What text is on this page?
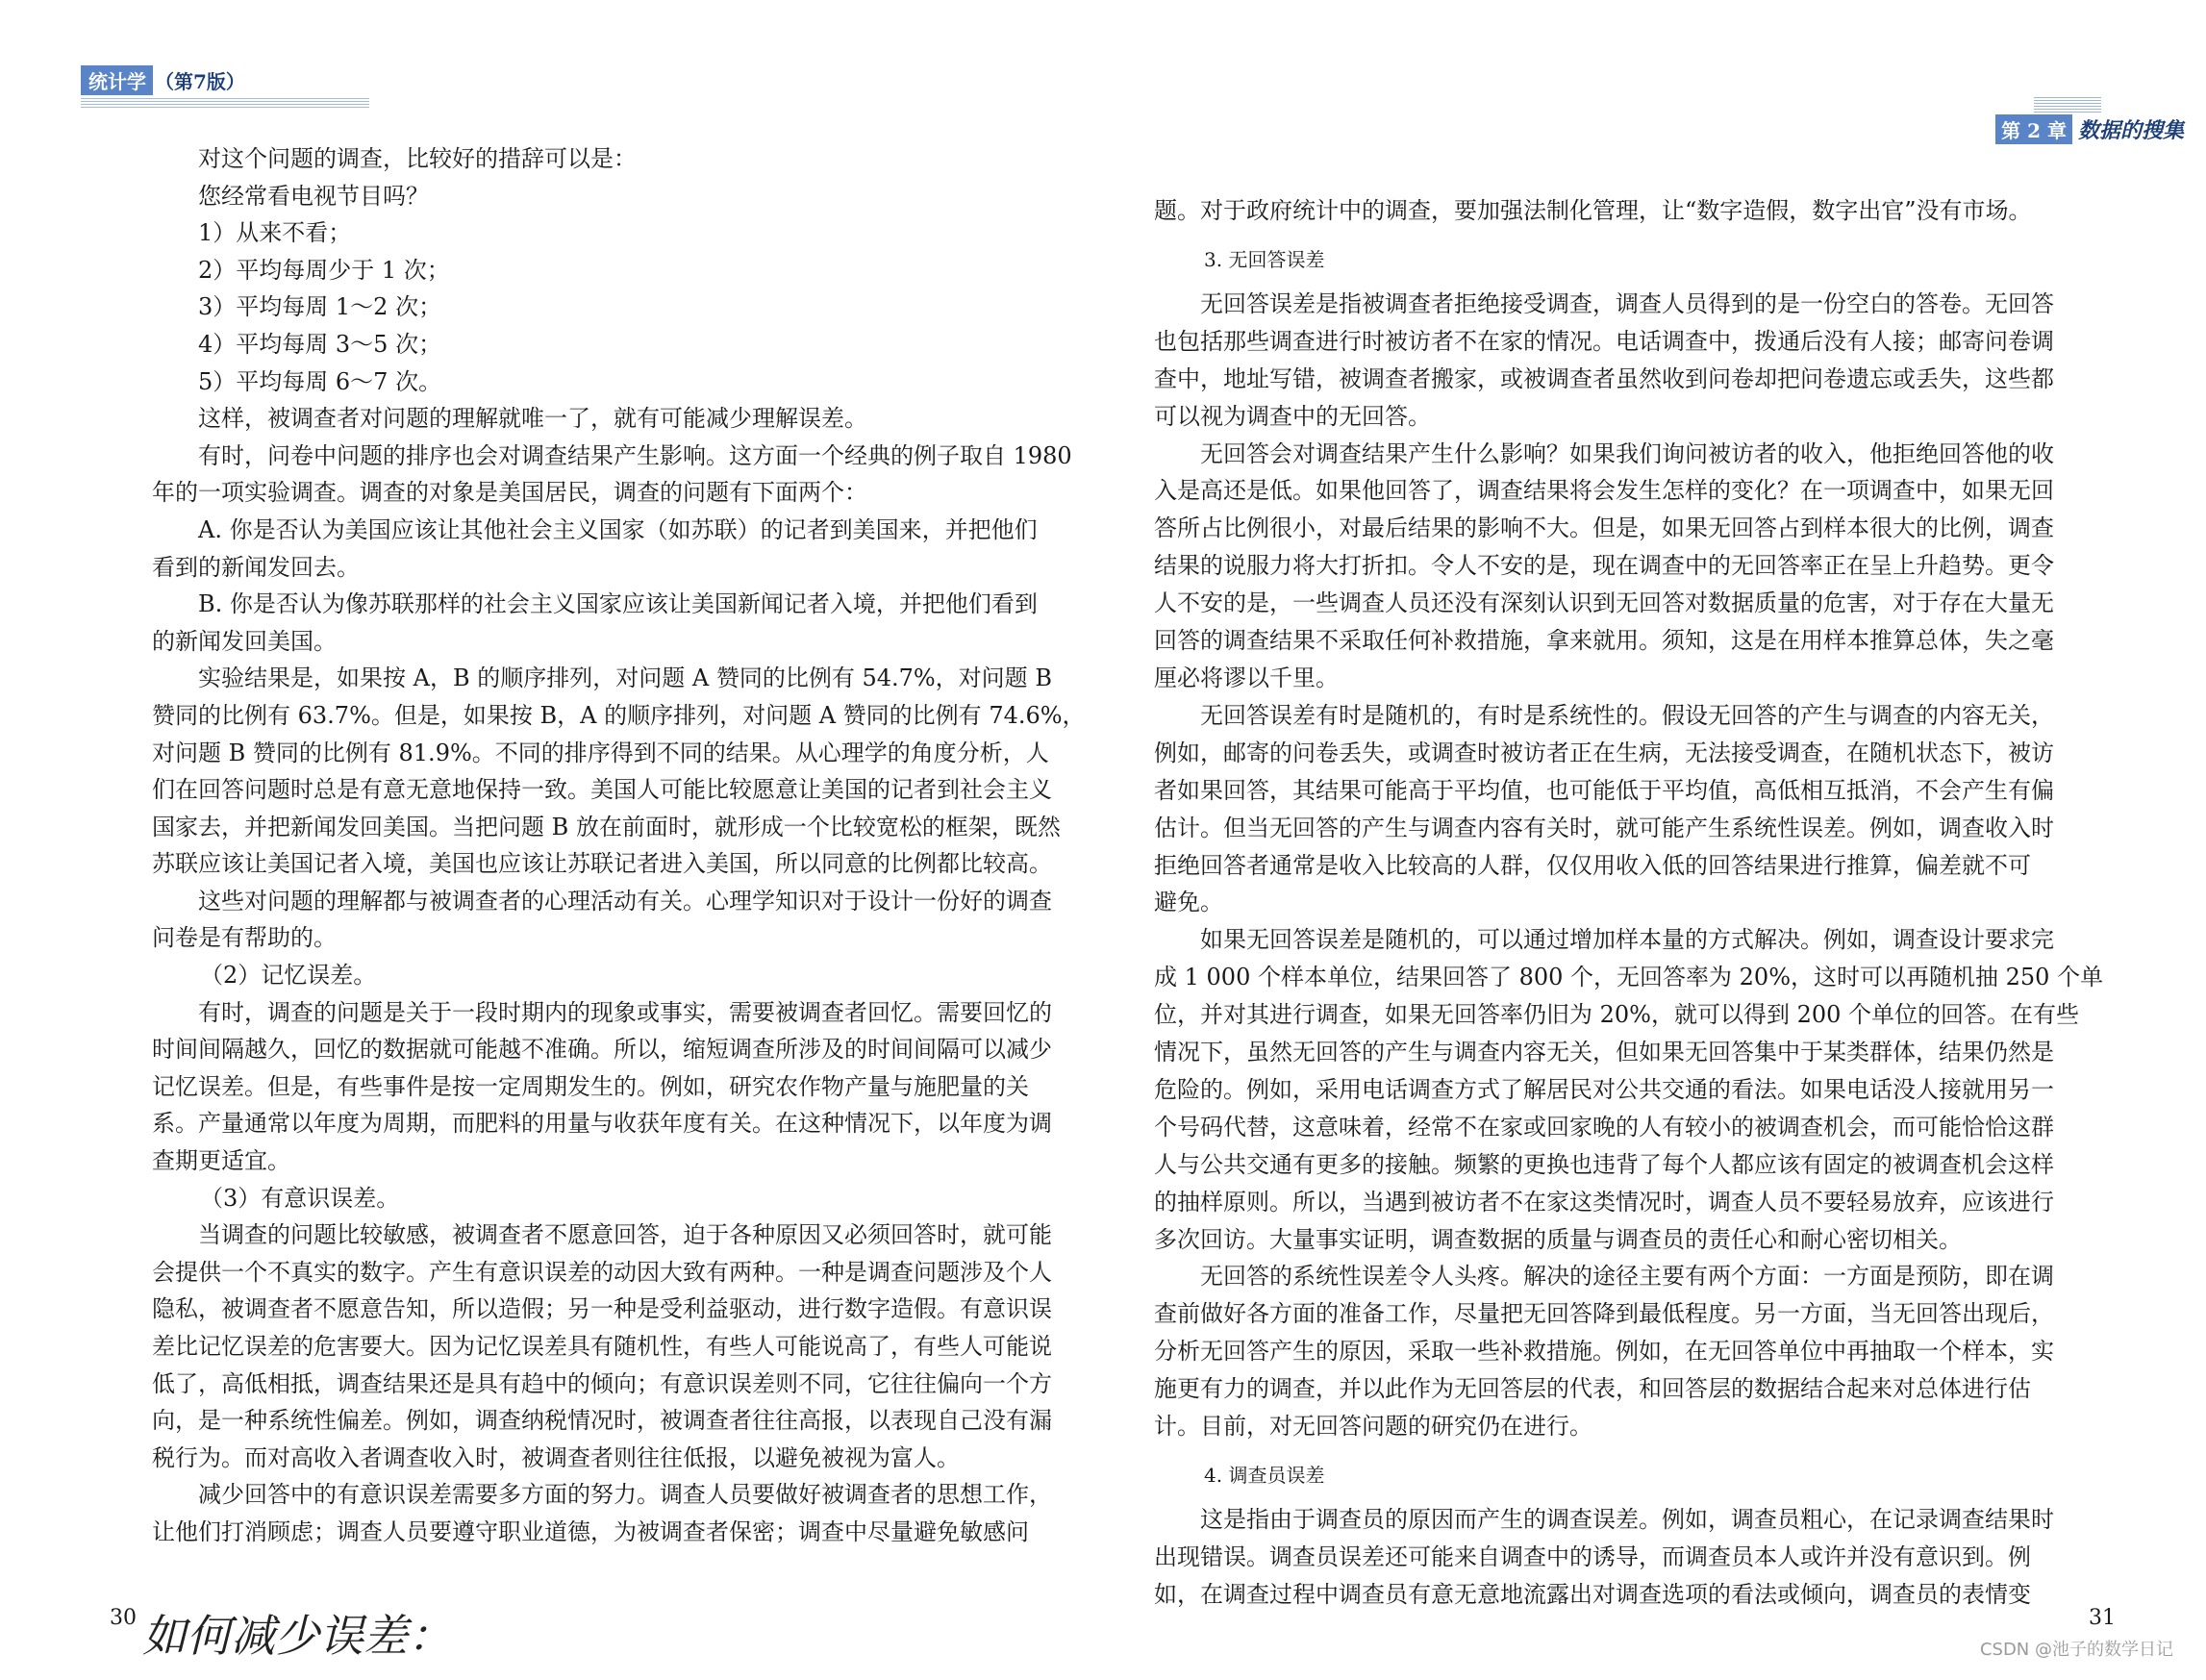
统计学 （第7版）

对这个问题的调查，比较好的措辞可以是：

您经常看电视节目吗？

1）从来不看；

2）平均每周少于 1 次；

3）平均每周 1～2 次；

4）平均每周 3～5 次；

5）平均每周 6～7 次。

这样，被调查者对问题的理解就唯一了，就有可能减少理解误差。

有时，问卷中问题的排序也会对调查结果产生影响。这方面一个经典的例子取自 1980

年的一项实验调查。调查的对象是美国居民，调查的问题有下面两个：

A. 你是否认为美国应该让其他社会主义国家（如苏联）的记者到美国来，并把他们

看到的新闻发回去。

B. 你是否认为像苏联那样的社会主义国家应该让美国新闻记者入境，并把他们看到

的新闻发回美国。

实验结果是，如果按 A，B 的顺序排列，对问题 A 赞同的比例有 54.7%，对问题 B

赞同的比例有 63.7%。但是，如果按 B，A 的顺序排列，对问题 A 赞同的比例有 74.6%，

对问题 B 赞同的比例有 81.9%。不同的排序得到不同的结果。从心理学的角度分析，人

们在回答问题时总是有意无意地保持一致。美国人可能比较愿意让美国的记者到社会主义

国家去，并把新闻发回美国。当把问题 B 放在前面时，就形成一个比较宽松的框架，既然

苏联应该让美国记者入境，美国也应该让苏联记者进入美国，所以同意的比例都比较高。

这些对问题的理解都与被调查者的心理活动有关。心理学知识对于设计一份好的调查

问卷是有帮助的。

（2）记忆误差。

有时，调查的问题是关于一段时期内的现象或事实，需要被调查者回忆。需要回忆的

时间间隔越久，回忆的数据就可能越不准确。所以，缩短调查所涉及的时间间隔可以减少

记忆误差。但是，有些事件是按一定周期发生的。例如，研究农作物产量与施肥量的关

系。产量通常以年度为周期，而肥料的用量与收获年度有关。在这种情况下，以年度为调

查期更适宜。

（3）有意识误差。

当调查的问题比较敏感，被调查者不愿意回答，迫于各种原因又必须回答时，就可能

会提供一个不真实的数字。产生有意识误差的动因大致有两种。一种是调查问题涉及个人

隐私，被调查者不愿意告知，所以造假；另一种是受利益驱动，进行数字造假。有意识误

差比记忆误差的危害要大。因为记忆误差具有随机性，有些人可能说高了，有些人可能说

低了，高低相抵，调查结果还是具有趋中的倾向；有意识误差则不同，它往往偏向一个方

向，是一种系统性偏差。例如，调查纳税情况时，被调查者往往高报，以表现自己没有漏

税行为。而对高收入者调查收入时，被调查者则往往低报，以避免被视为富人。

减少回答中的有意识误差需要多方面的努力。调查人员要做好被调查者的思想工作，

让他们打消顾虑；调查人员要遵守职业道德，为被调查者保密；调查中尽量避免敏感问

如何减少误差：
30
第 2 章 数据的搜集

题。对于政府统计中的调查，要加强法制化管理，让“数字造假，数字出官”没有市场。

3. 无回答误差

无回答误差是指被调查者拒绝接受调查，调查人员得到的是一份空白的答卷。无回答

也包括那些调查进行时被访者不在家的情况。电话调查中，拨通后没有人接；邮寄问卷调

查中，地址写错，被调查者搬家，或被调查者虽然收到问卷却把问卷遗忘或丢失，这些都

可以视为调查中的无回答。

无回答会对调查结果产生什么影响？如果我们询问被访者的收入，他拒绝回答他的收

入是高还是低。如果他回答了，调查结果将会发生怎样的变化？在一项调查中，如果无回

答所占比例很小，对最后结果的影响不大。但是，如果无回答占到样本很大的比例，调查

结果的说服力将大打折扣。令人不安的是，现在调查中的无回答率正在呈上升趋势。更令

人不安的是，一些调查人员还没有深刻认识到无回答对数据质量的危害，对于存在大量无

回答的调查结果不采取任何补救措施，拿来就用。须知，这是在用样本推算总体，失之毫

厘必将谬以千里。

无回答误差有时是随机的，有时是系统性的。假设无回答的产生与调查的内容无关，

例如，邮寄的问卷丢失，或调查时被访者正在生病，无法接受调查，在随机状态下，被访

者如果回答，其结果可能高于平均值，也可能低于平均值，高低相互抵消，不会产生有偏

估计。但当无回答的产生与调查内容有关时，就可能产生系统性误差。例如，调查收入时

拒绝回答者通常是收入比较高的人群，仅仅用收入低的回答结果进行推算，偏差就不可

避免。

如果无回答误差是随机的，可以通过增加样本量的方式解决。例如，调查设计要求完

成 1 000 个样本单位，结果回答了 800 个，无回答率为 20%，这时可以再随机抽 250 个单

位，并对其进行调查，如果无回答率仍旧为 20%，就可以得到 200 个单位的回答。在有些

情况下，虽然无回答的产生与调查内容无关，但如果无回答集中于某类群体，结果仍然是

危险的。例如，采用电话调查方式了解居民对公共交通的看法。如果电话没人接就用另一

个号码代替，这意味着，经常不在家或回家晚的人有较小的被调查机会，而可能恰恰这群

人与公共交通有更多的接触。频繁的更换也违背了每个人都应该有固定的被调查机会这样

的抽样原则。所以，当遇到被访者不在家这类情况时，调查人员不要轻易放弃，应该进行

多次回访。大量事实证明，调查数据的质量与调查员的责任心和耐心密切相关。

无回答的系统性误差令人头疼。解决的途径主要有两个方面：一方面是预防，即在调

查前做好各方面的准备工作，尽量把无回答降到最低程度。另一方面，当无回答出现后，

分析无回答产生的原因，采取一些补救措施。例如，在无回答单位中再抽取一个样本，实

施更有力的调查，并以此作为无回答层的代表，和回答层的数据结合起来对总体进行估

计。目前，对无回答问题的研究仍在进行。

4. 调查员误差

这是指由于调查员的原因而产生的调查误差。例如，调查员粗心，在记录调查结果时

出现错误。调查员误差还可能来自调查中的诱导，而调查员本人或许并没有意识到。例

如，在调查过程中调查员有意无意地流露出对调查选项的看法或倾向，调查员的表情变

31
CSDN @池子的数学日记
